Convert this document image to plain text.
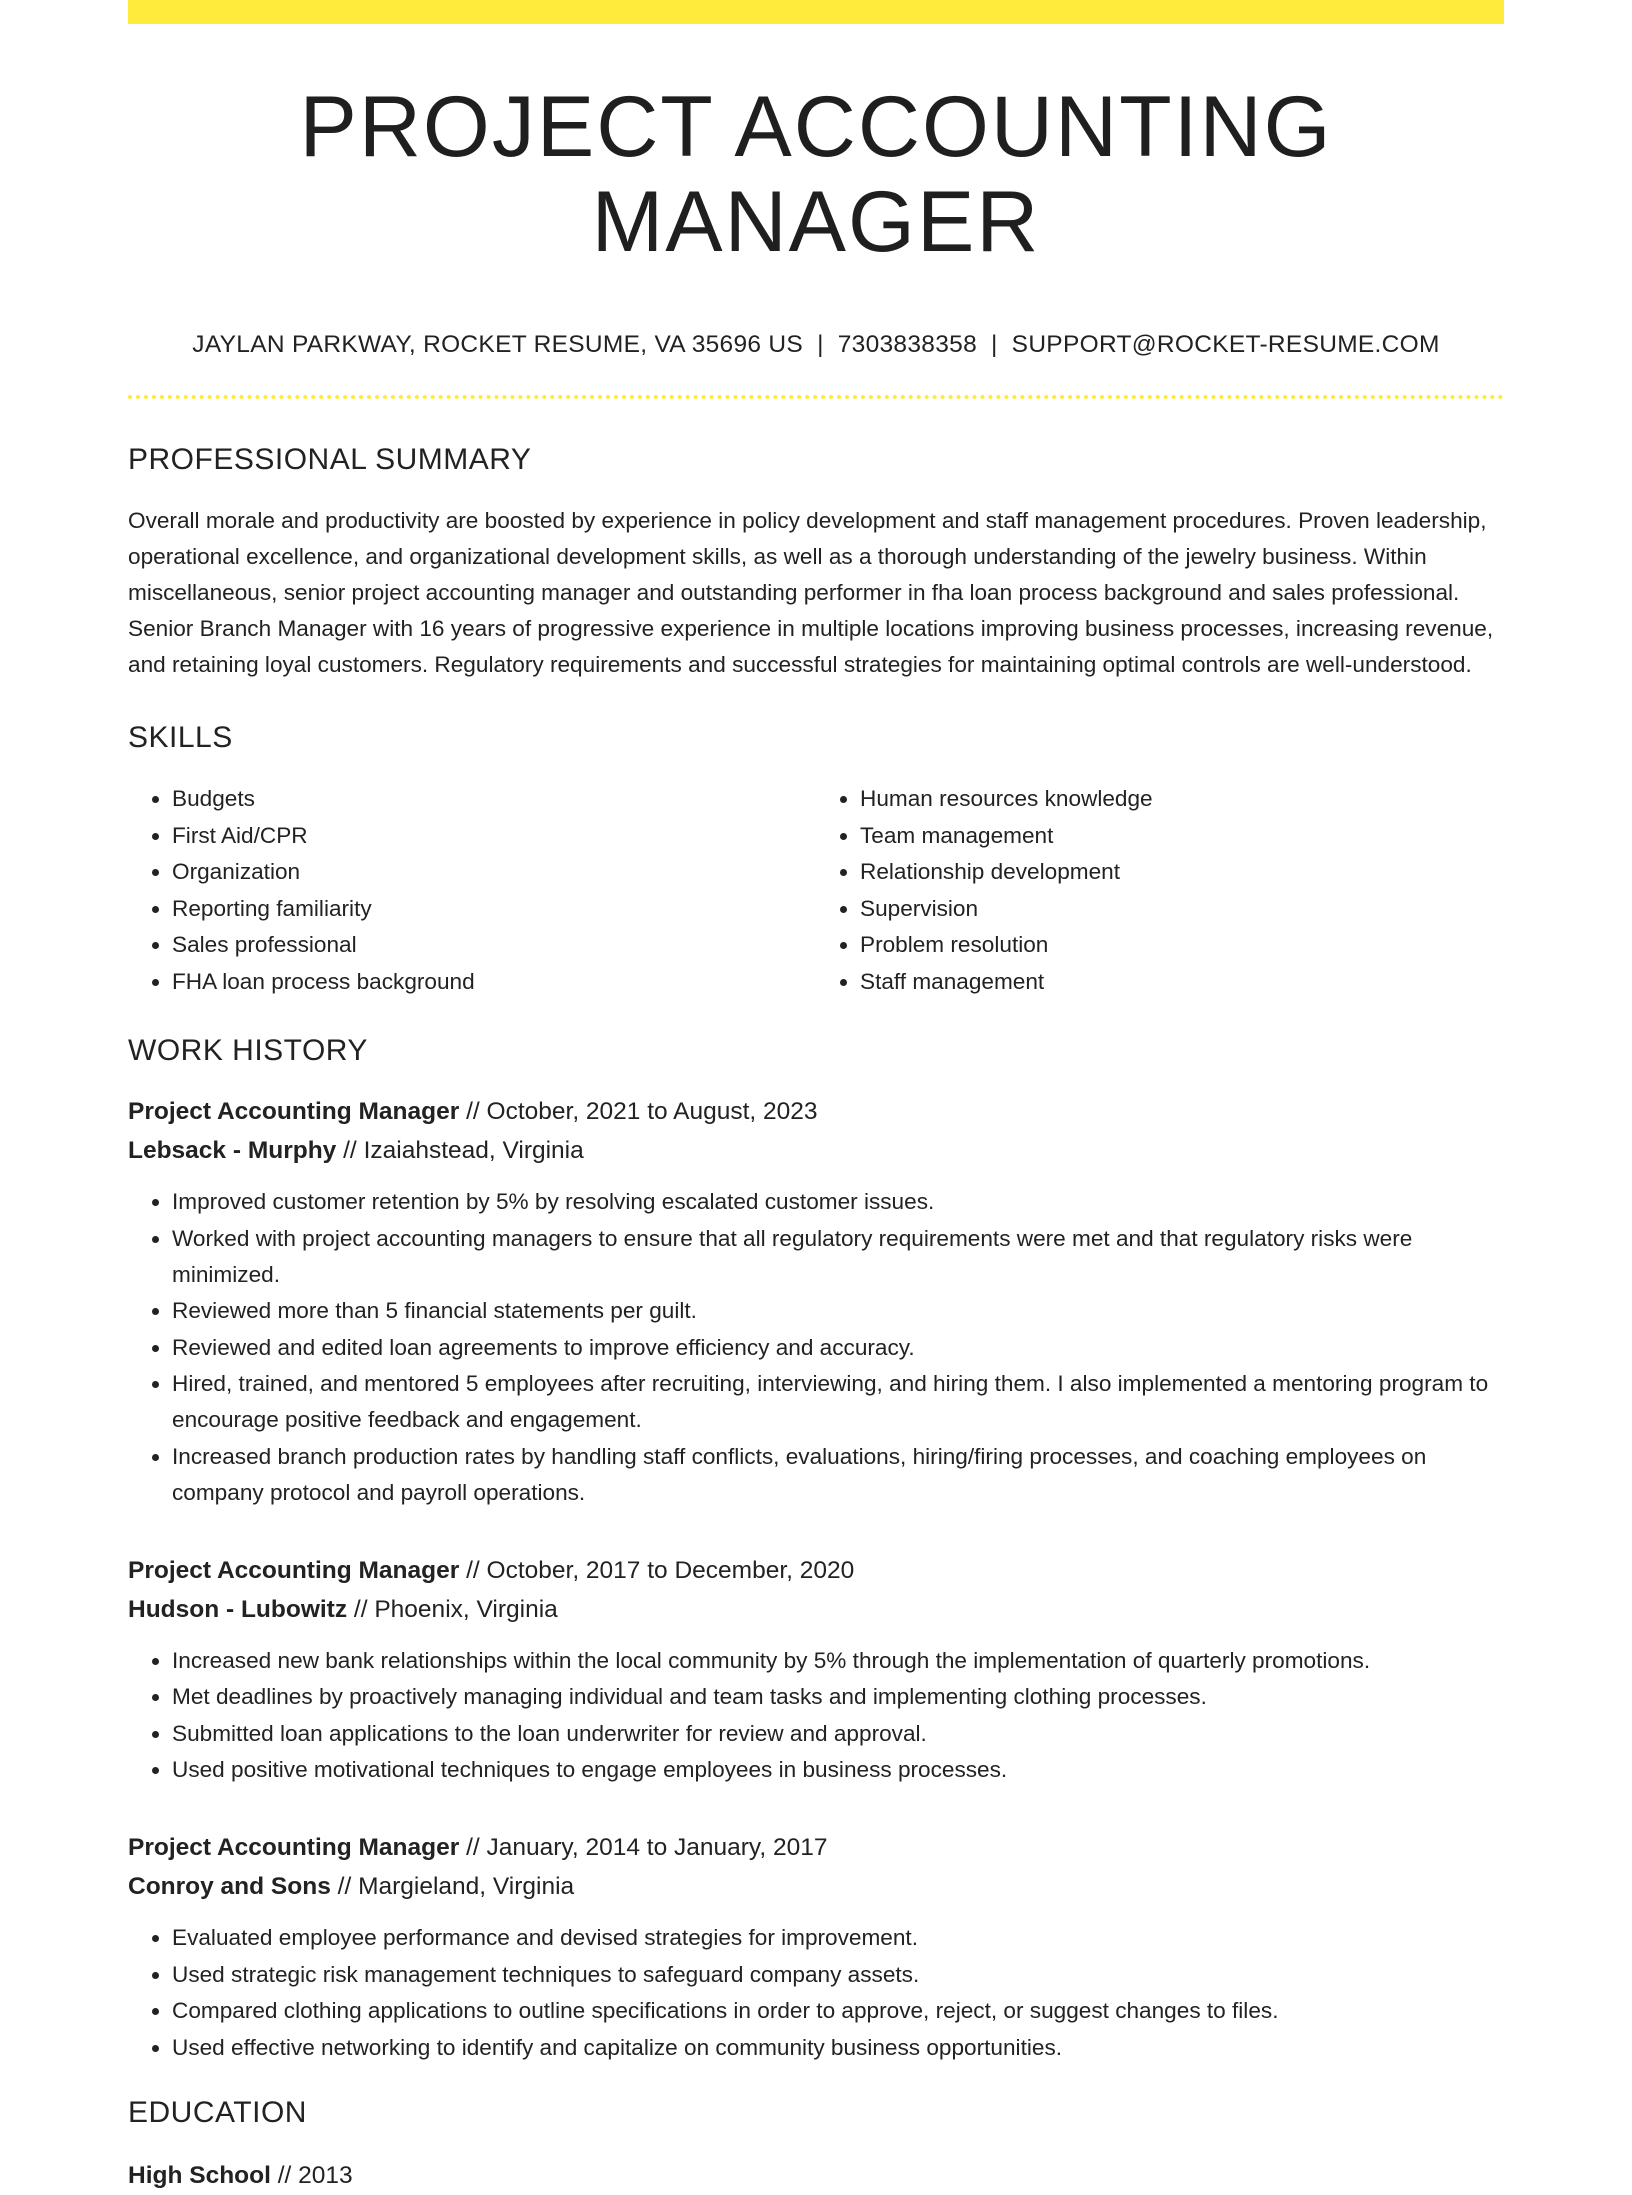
PROJECT ACCOUNTING MANAGER
JAYLAN PARKWAY, ROCKET RESUME, VA 35696 US | 7303838358 | SUPPORT@ROCKET-RESUME.COM
PROFESSIONAL SUMMARY

Overall morale and productivity are boosted by experience in policy development and staff management procedures. Proven leadership, operational excellence, and organizational development skills, as well as a thorough understanding of the jewelry business. Within miscellaneous, senior project accounting manager and outstanding performer in fha loan process background and sales professional. Senior Branch Manager with 16 years of progressive experience in multiple locations improving business processes, increasing revenue, and retaining loyal customers. Regulatory requirements and successful strategies for maintaining optimal controls are well-understood.

SKILLS
• Budgets
• First Aid/CPR
• Organization
• Reporting familiarity
• Sales professional
• FHA loan process background
• Human resources knowledge
• Team management
• Relationship development
• Supervision
• Problem resolution
• Staff management
WORK HISTORY
Project Accounting Manager // October, 2021 to August, 2023
Lebsack - Murphy // Izaiahstead, Virginia
• Improved customer retention by 5% by resolving escalated customer issues.
• Worked with project accounting managers to ensure that all regulatory requirements were met and that regulatory risks were minimized.
• Reviewed more than 5 financial statements per guilt.
• Reviewed and edited loan agreements to improve efficiency and accuracy.
• Hired, trained, and mentored 5 employees after recruiting, interviewing, and hiring them. I also implemented a mentoring program to encourage positive feedback and engagement.
• Increased branch production rates by handling staff conflicts, evaluations, hiring/firing processes, and coaching employees on company protocol and payroll operations.
Project Accounting Manager // October, 2017 to December, 2020
Hudson - Lubowitz // Phoenix, Virginia
• Increased new bank relationships within the local community by 5% through the implementation of quarterly promotions.
• Met deadlines by proactively managing individual and team tasks and implementing clothing processes.
• Submitted loan applications to the loan underwriter for review and approval.
• Used positive motivational techniques to engage employees in business processes.
Project Accounting Manager // January, 2014 to January, 2017
Conroy and Sons // Margieland, Virginia
• Evaluated employee performance and devised strategies for improvement.
• Used strategic risk management techniques to safeguard company assets.
• Compared clothing applications to outline specifications in order to approve, reject, or suggest changes to files.
• Used effective networking to identify and capitalize on community business opportunities.
EDUCATION
High School // 2013
